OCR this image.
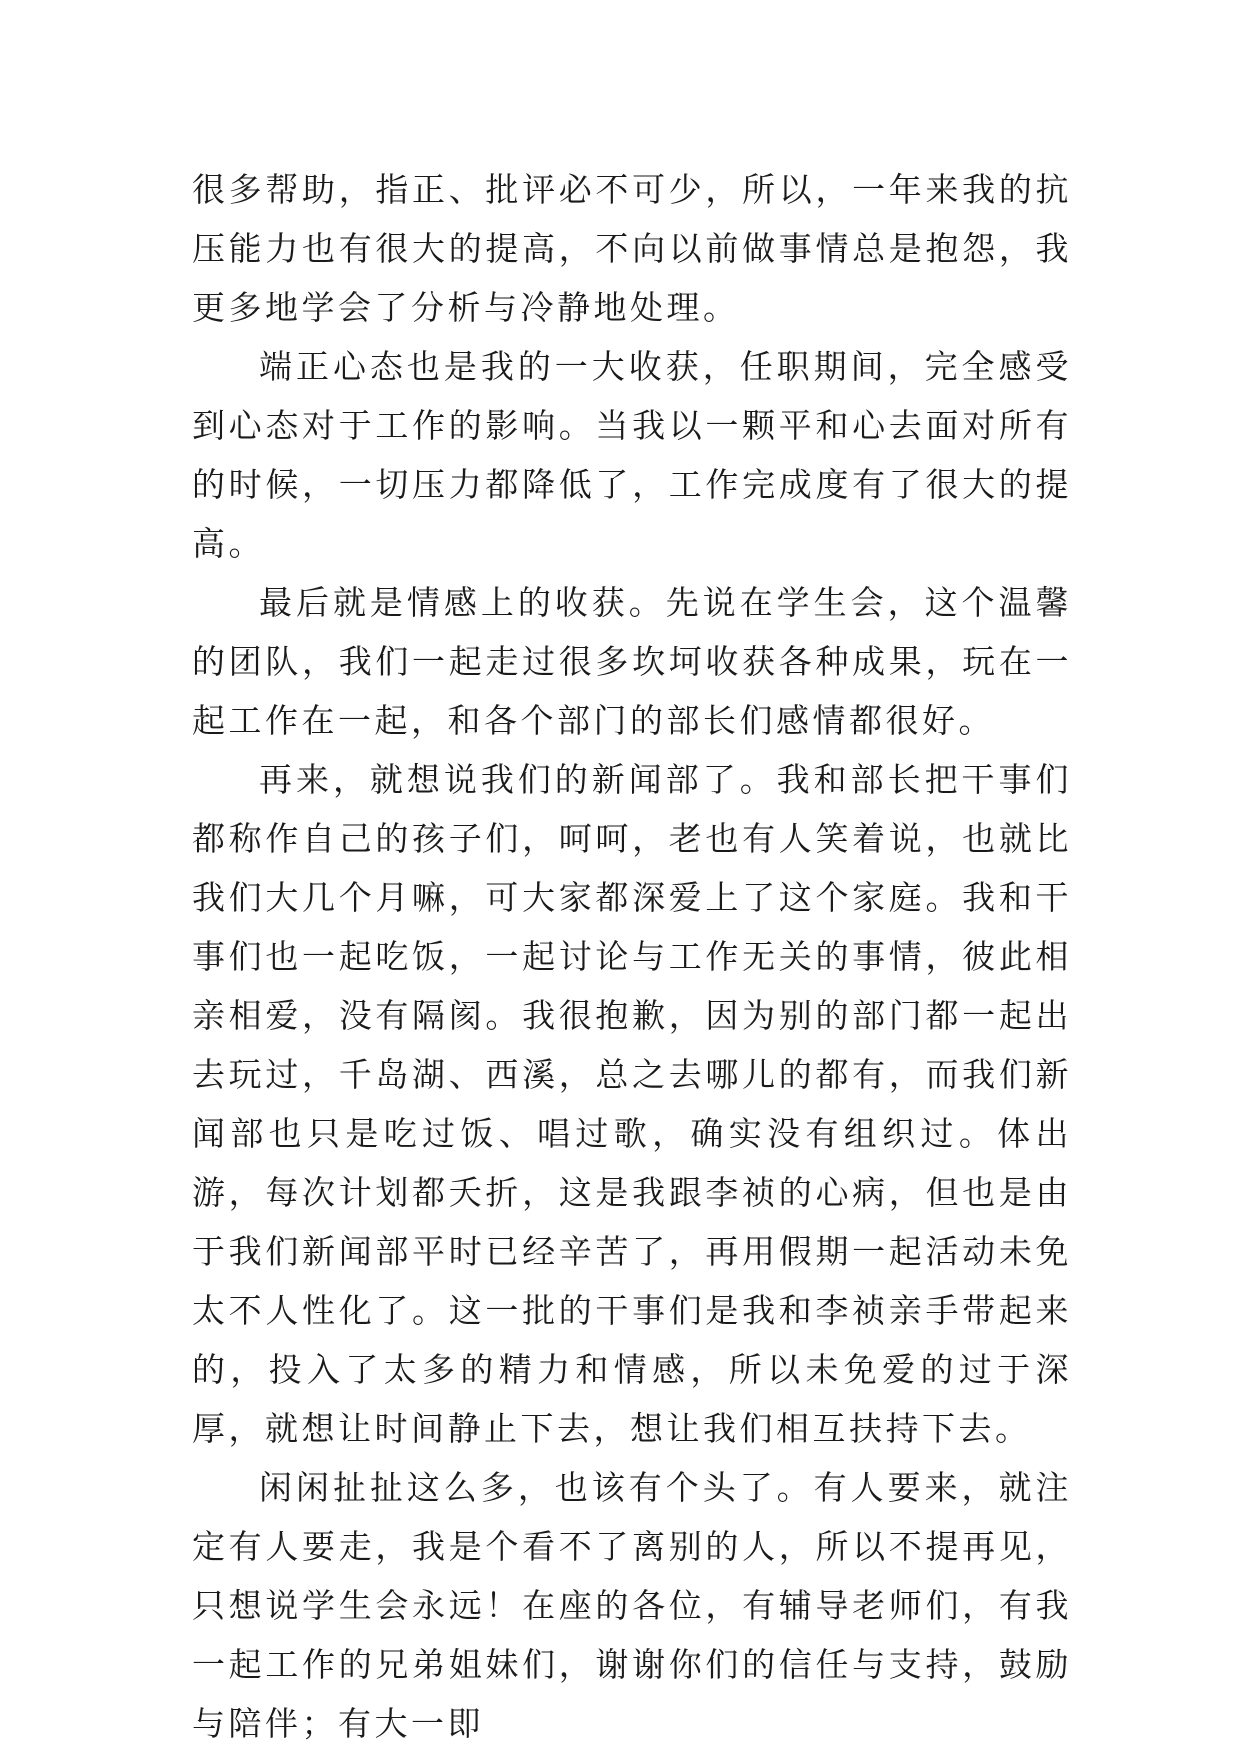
很多帮助，指正、批评必不可少，所以，一年来我的抗压能力也有很大的提高，不向以前做事情总是抱怨，我更多地学会了分析与冷静地处理。

端正心态也是我的一大收获，任职期间，完全感受到心态对于工作的影响。当我以一颗平和心去面对所有的时候，一切压力都降低了，工作完成度有了很大的提高。

最后就是情感上的收获。先说在学生会，这个温馨的团队，我们一起走过很多坎坷收获各种成果，玩在一起工作在一起，和各个部门的部长们感情都很好。

再来，就想说我们的新闻部了。我和部长把干事们都称作自己的孩子们，呵呵，老也有人笑着说，也就比我们大几个月嘛，可大家都深爱上了这个家庭。我和干事们也一起吃饭，一起讨论与工作无关的事情，彼此相亲相爱，没有隔阂。我很抱歉，因为别的部门都一起出去玩过，千岛湖、西溪，总之去哪儿的都有，而我们新闻部也只是吃过饭、唱过歌，确实没有组织过。体出游，每次计划都夭折，这是我跟李祯的心病，但也是由于我们新闻部平时已经辛苦了，再用假期一起活动未免太不人性化了。这一批的干事们是我和李祯亲手带起来的，投入了太多的精力和情感，所以未免爱的过于深厚，就想让时间静止下去，想让我们相互扶持下去。

闲闲扯扯这么多，也该有个头了。有人要来，就注定有人要走，我是个看不了离别的人，所以不提再见，只想说学生会永远！在座的各位，有辅导老师们，有我一起工作的兄弟姐妹们，谢谢你们的信任与支持，鼓励与陪伴；有大一即
